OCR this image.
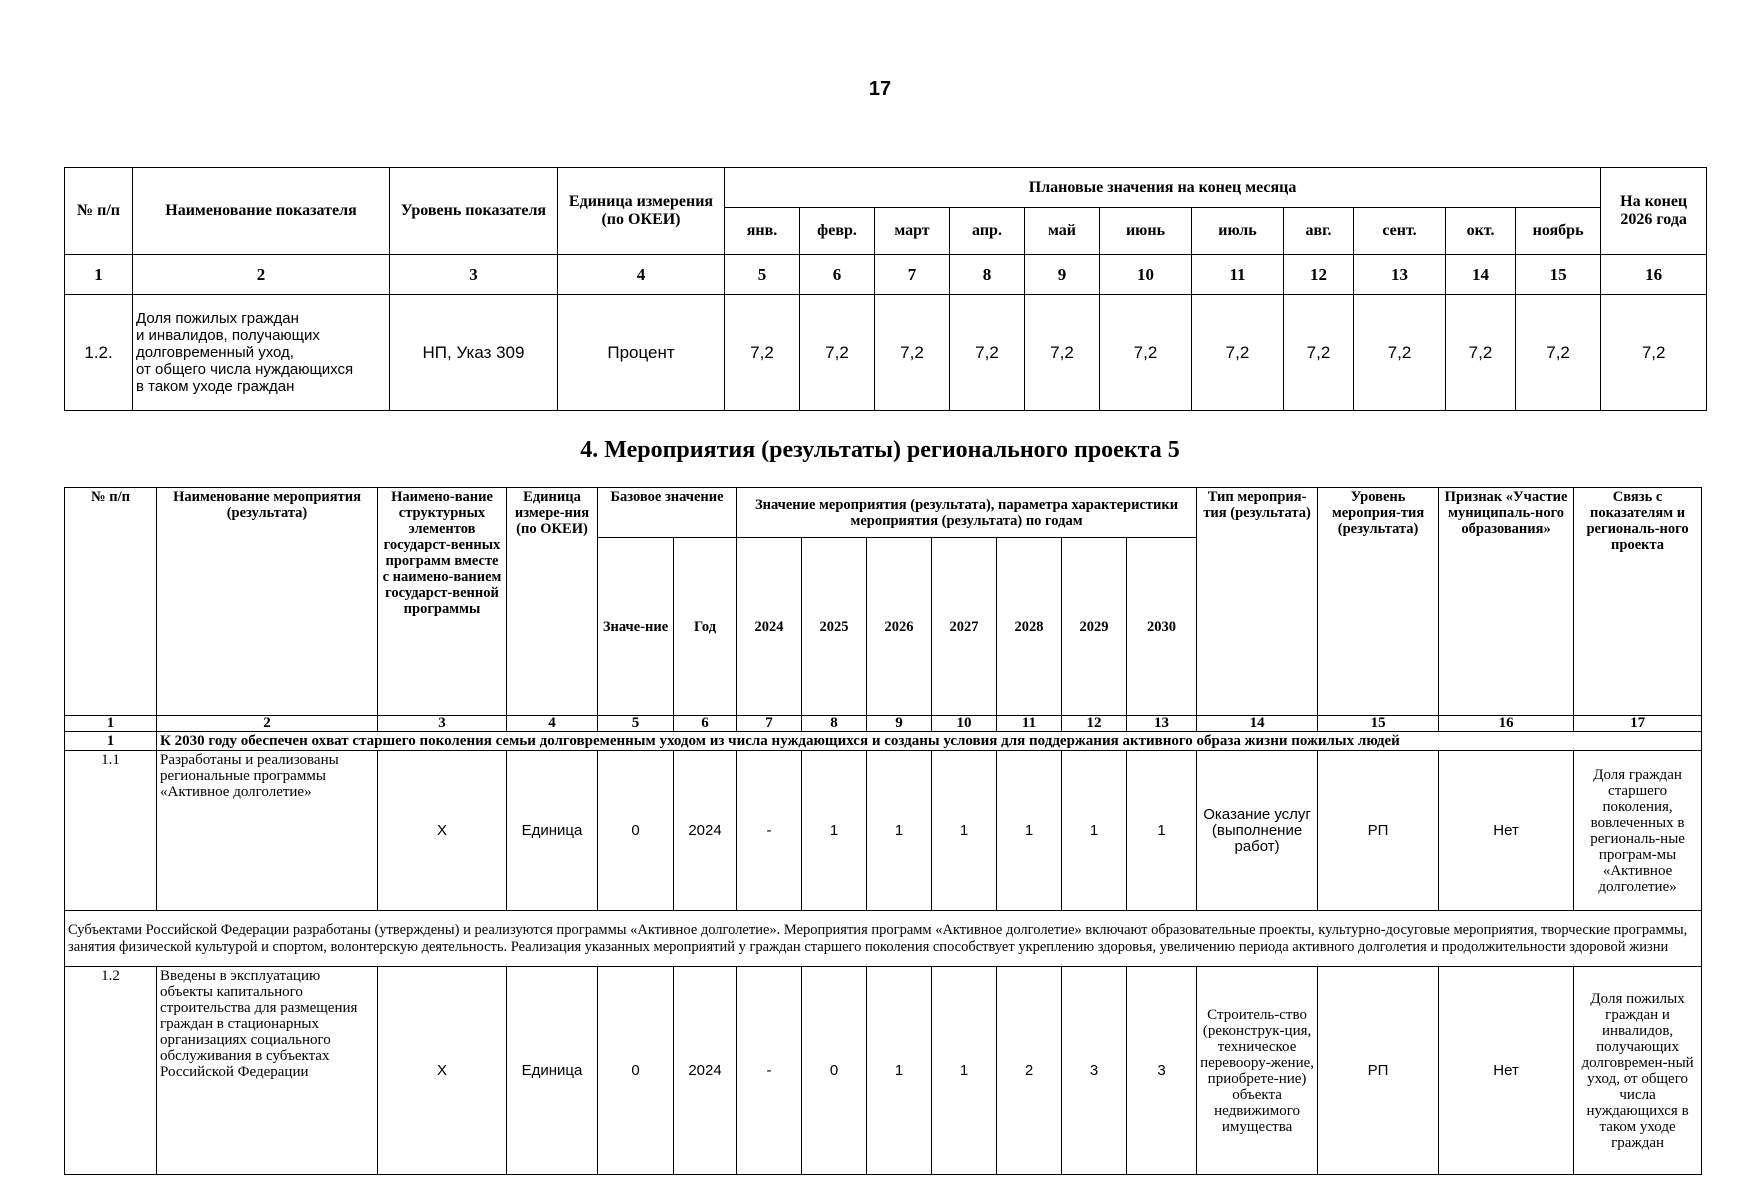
17
№ п/п	Наименование показателя	Уровень показателя	Единица измерения (по ОКЕИ)	Плановые значения на конец месяца											На конец 2026 года
				янв.	февр.	март	апр.	май	июнь	июль	авг.	сент.	окт.	ноябрь	
1	2	3	4	5	6	7	8	9	10	11	12	13	14	15	16
1.2.	Доля пожилых граждан
и инвалидов, получающих
долговременный уход,
от общего числа нуждающихся
в таком уходе граждан	НП, Указ 309	Процент	7,2	7,2	7,2	7,2	7,2	7,2	7,2	7,2	7,2	7,2	7,2	7,2
4. Мероприятия (результаты) регионального проекта 5
№ п/п	Наименование мероприятия (результата)	Наимено-вание структурных элементов государст-венных программ вместе с наимено-ванием государст-венной программы	Единица измере-ния (по ОКЕИ)	Базовое значение		Значение мероприятия (результата), параметра характеристики мероприятия (результата) по годам							Тип мероприя-тия (результата)	Уровень мероприя-тия (результата)	Признак «Участие муниципаль-ного образования»	Связь с показателям и региональ-ного проекта
				Значе-ние	Год	2024	2025	2026	2027	2028	2029	2030				
1	2	3	4	5	6	7	8	9	10	11	12	13	14	15	16	17
1	К 2030 году обеспечен охват старшего поколения семьи долговременным уходом из числа нуждающихся и созданы условия для поддержания активного образа жизни пожилых людей															
1.1	Разработаны и реализованы региональные программы «Активное долголетие»	Х	Единица	0	2024	-	1	1	1	1	1	1	Оказание услуг (выполнение работ)	РП	Нет	Доля граждан старшего поколения, вовлеченных в региональ-ные програм-мы «Активное долголетие»
Субъектами Российской Федерации разработаны (утверждены) и реализуются программы «Активное долголетие». Мероприятия программ «Активное долголетие» включают образовательные проекты, культурно-досуговые мероприятия, творческие программы, занятия физической культурой и спортом, волонтерскую деятельность. Реализация указанных мероприятий у граждан старшего поколения способствует укреплению здоровья, увеличению периода активного долголетия и продолжительности здоровой жизни																
1.2	Введены в эксплуатацию объекты капитального строительства для размещения граждан в стационарных организациях социального обслуживания в субъектах Российской Федерации	Х	Единица	0	2024	-	0	1	1	2	3	3	Строитель-ство (реконструк-ция, техническое перевоору-жение, приобрете-ние) объекта недвижимого имущества	РП	Нет	Доля пожилых граждан и инвалидов, получающих долговремен-ный уход, от общего числа нуждающихся в таком уходе граждан
